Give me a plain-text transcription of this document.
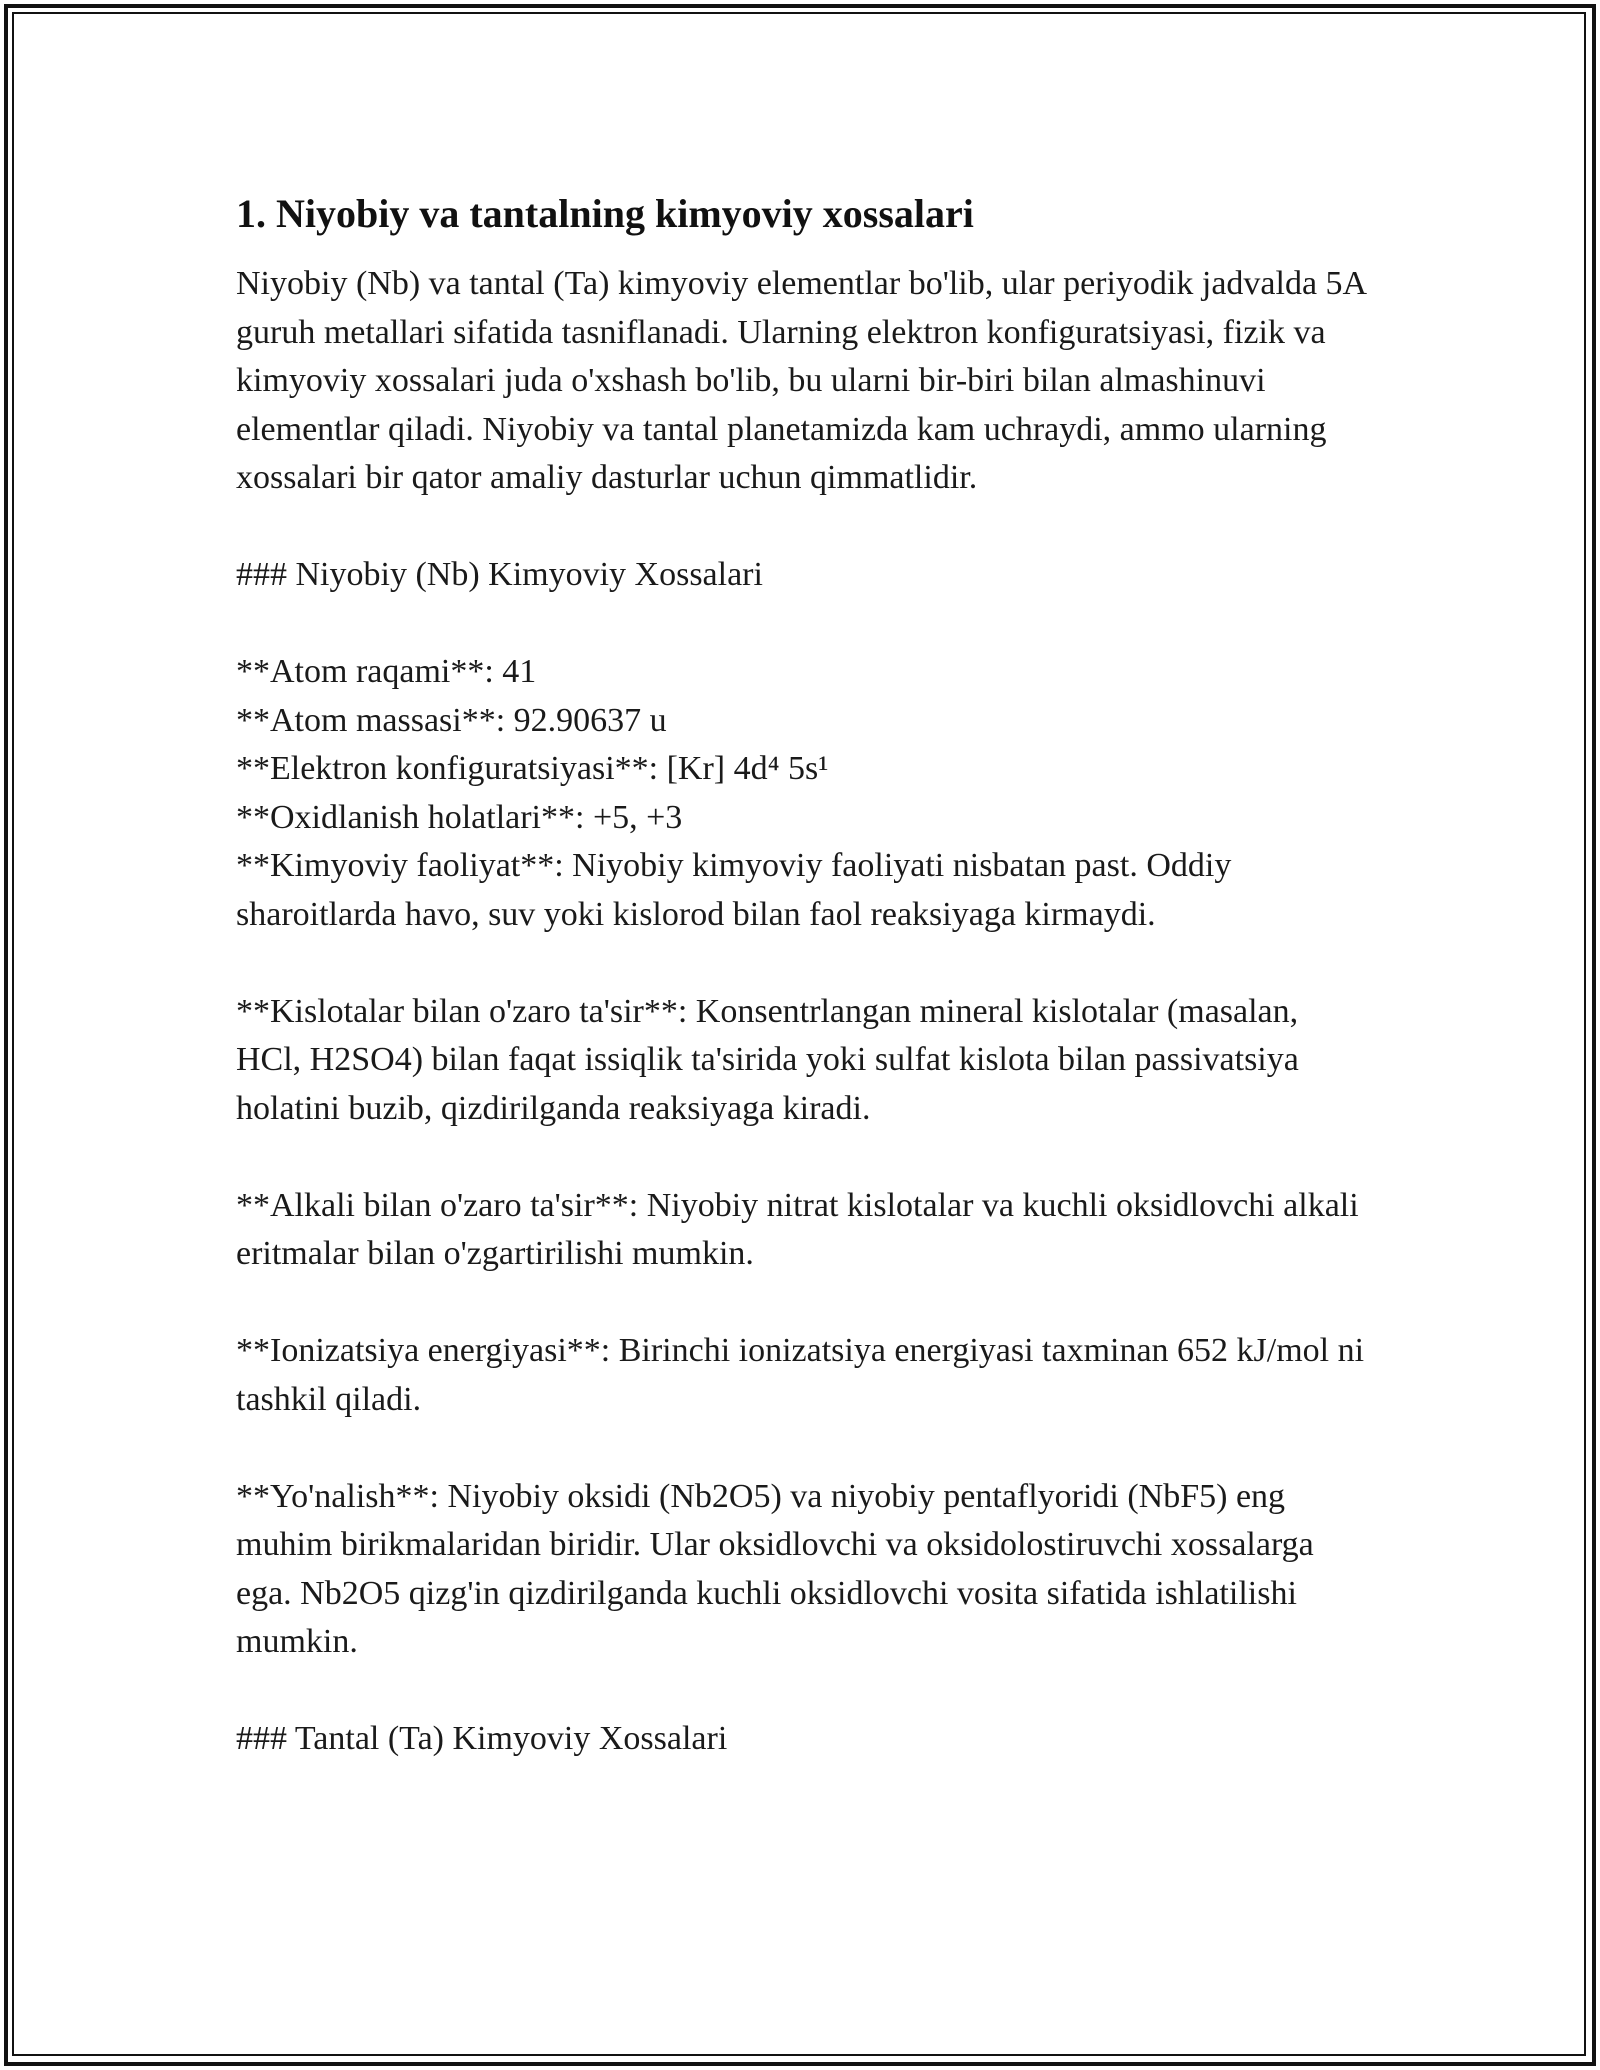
1. Niyobiy va tantalning kimyoviy xossalari

Niyobiy (Nb) va tantal (Ta) kimyoviy elementlar bo'lib, ular periyodik jadvalda 5A guruh metallari sifatida tasniflanadi. Ularning elektron konfiguratsiyasi, fizik va kimyoviy xossalari juda o'xshash bo'lib, bu ularni bir-biri bilan almashinuvi elementlar qiladi. Niyobiy va tantal planetamizda kam uchraydi, ammo ularning xossalari bir qator amaliy dasturlar uchun qimmatlidir.

### Niyobiy (Nb) Kimyoviy Xossalari

**Atom raqami**: 41
**Atom massasi**: 92.90637 u
**Elektron konfiguratsiyasi**: [Kr] 4d⁴ 5s¹
**Oxidlanish holatlari**: +5, +3
**Kimyoviy faoliyat**: Niyobiy kimyoviy faoliyati nisbatan past. Oddiy sharoitlarda havo, suv yoki kislorod bilan faol reaksiyaga kirmaydi.

**Kislotalar bilan o'zaro ta'sir**: Konsentrlangan mineral kislotalar (masalan, HCl, H2SO4) bilan faqat issiqlik ta'sirida yoki sulfat kislota bilan passivatsiya holatini buzib, qizdirilganda reaksiyaga kiradi.

**Alkali bilan o'zaro ta'sir**: Niyobiy nitrat kislotalar va kuchli oksidlovchi alkali eritmalar bilan o'zgartirilishi mumkin.

**Ionizatsiya energiyasi**: Birinchi ionizatsiya energiyasi taxminan 652 kJ/mol ni tashkil qiladi.

**Yo'nalish**: Niyobiy oksidi (Nb2O5) va niyobiy pentaflyoridi (NbF5) eng muhim birikmalaridan biridir. Ular oksidlovchi va oksidolostiruvchi xossalarga ega. Nb2O5 qizg'in qizdirilganda kuchli oksidlovchi vosita sifatida ishlatilishi mumkin.

### Tantal (Ta) Kimyoviy Xossalari
